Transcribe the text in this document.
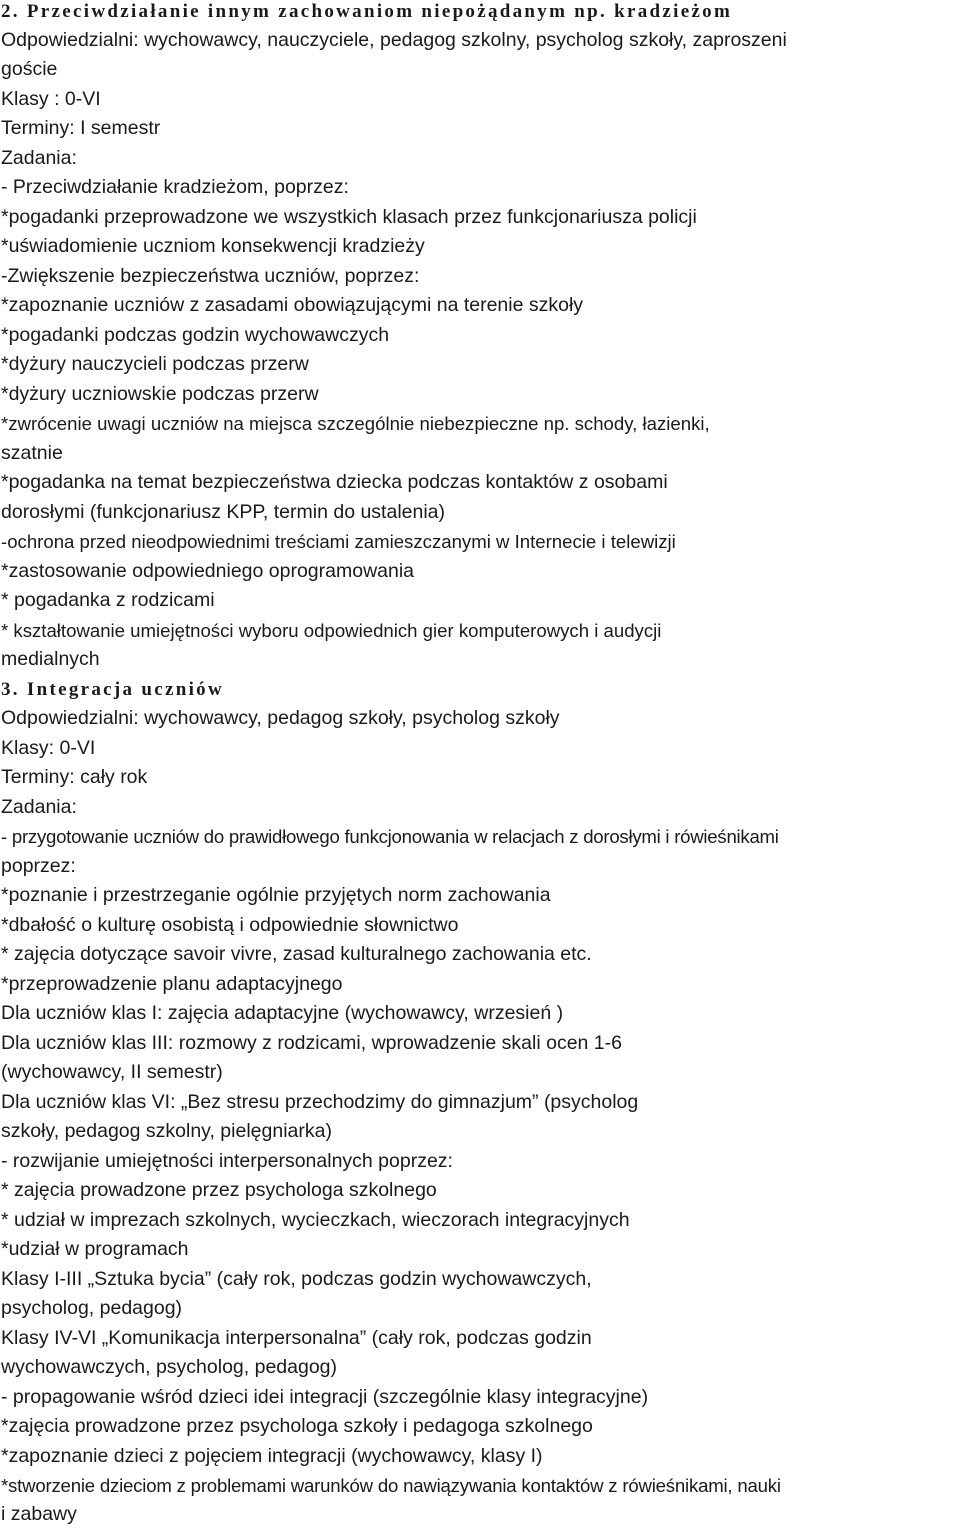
2. Przeciwdziałanie innym zachowaniom niepożądanym np. kradzieżom
Odpowiedzialni: wychowawcy, nauczyciele, pedagog szkolny, psycholog szkoły, zaproszeni
goście
Klasy : 0-VI
Terminy: I semestr
Zadania:
- Przeciwdziałanie kradzieżom, poprzez:
*pogadanki przeprowadzone we wszystkich klasach przez funkcjonariusza policji
*uświadomienie uczniom konsekwencji kradzieży
-Zwiększenie bezpieczeństwa uczniów, poprzez:
*zapoznanie uczniów z zasadami obowiązującymi na terenie szkoły
*pogadanki podczas godzin wychowawczych
*dyżury nauczycieli podczas przerw
*dyżury uczniowskie podczas przerw
*zwrócenie uwagi uczniów na miejsca szczególnie niebezpieczne np. schody, łazienki,
szatnie
*pogadanka na temat bezpieczeństwa dziecka podczas kontaktów z osobami
dorosłymi (funkcjonariusz KPP, termin do ustalenia)
-ochrona przed nieodpowiednimi treściami zamieszczanymi w Internecie i telewizji
*zastosowanie odpowiedniego oprogramowania
* pogadanka z rodzicami
* kształtowanie umiejętności wyboru odpowiednich gier komputerowych i audycji
medialnych
3. Integracja uczniów
Odpowiedzialni: wychowawcy, pedagog szkoły, psycholog szkoły
Klasy: 0-VI
Terminy: cały rok
Zadania:
- przygotowanie uczniów do prawidłowego funkcjonowania w relacjach z dorosłymi i rówieśnikami
poprzez:
*poznanie i przestrzeganie ogólnie przyjętych norm zachowania
*dbałość o kulturę osobistą i odpowiednie słownictwo
* zajęcia dotyczące savoir vivre, zasad kulturalnego zachowania etc.
*przeprowadzenie planu adaptacyjnego
Dla uczniów klas I: zajęcia adaptacyjne (wychowawcy, wrzesień )
Dla uczniów klas III: rozmowy z rodzicami, wprowadzenie skali ocen 1-6
(wychowawcy, II semestr)
Dla uczniów klas VI: „Bez stresu przechodzimy do gimnazjum” (psycholog
szkoły, pedagog szkolny, pielęgniarka)
- rozwijanie umiejętności interpersonalnych poprzez:
* zajęcia prowadzone przez psychologa szkolnego
* udział w imprezach szkolnych, wycieczkach, wieczorach integracyjnych
*udział w programach
Klasy I-III „Sztuka bycia” (cały rok, podczas godzin wychowawczych,
psycholog, pedagog)
Klasy IV-VI „Komunikacja interpersonalna” (cały rok, podczas godzin
wychowawczych, psycholog, pedagog)
- propagowanie wśród dzieci idei integracji (szczególnie klasy integracyjne)
*zajęcia prowadzone przez psychologa szkoły i pedagoga szkolnego
*zapoznanie dzieci z pojęciem integracji (wychowawcy, klasy I)
*stworzenie dzieciom z problemami warunków do nawiązywania kontaktów z rówieśnikami, nauki
i zabawy
